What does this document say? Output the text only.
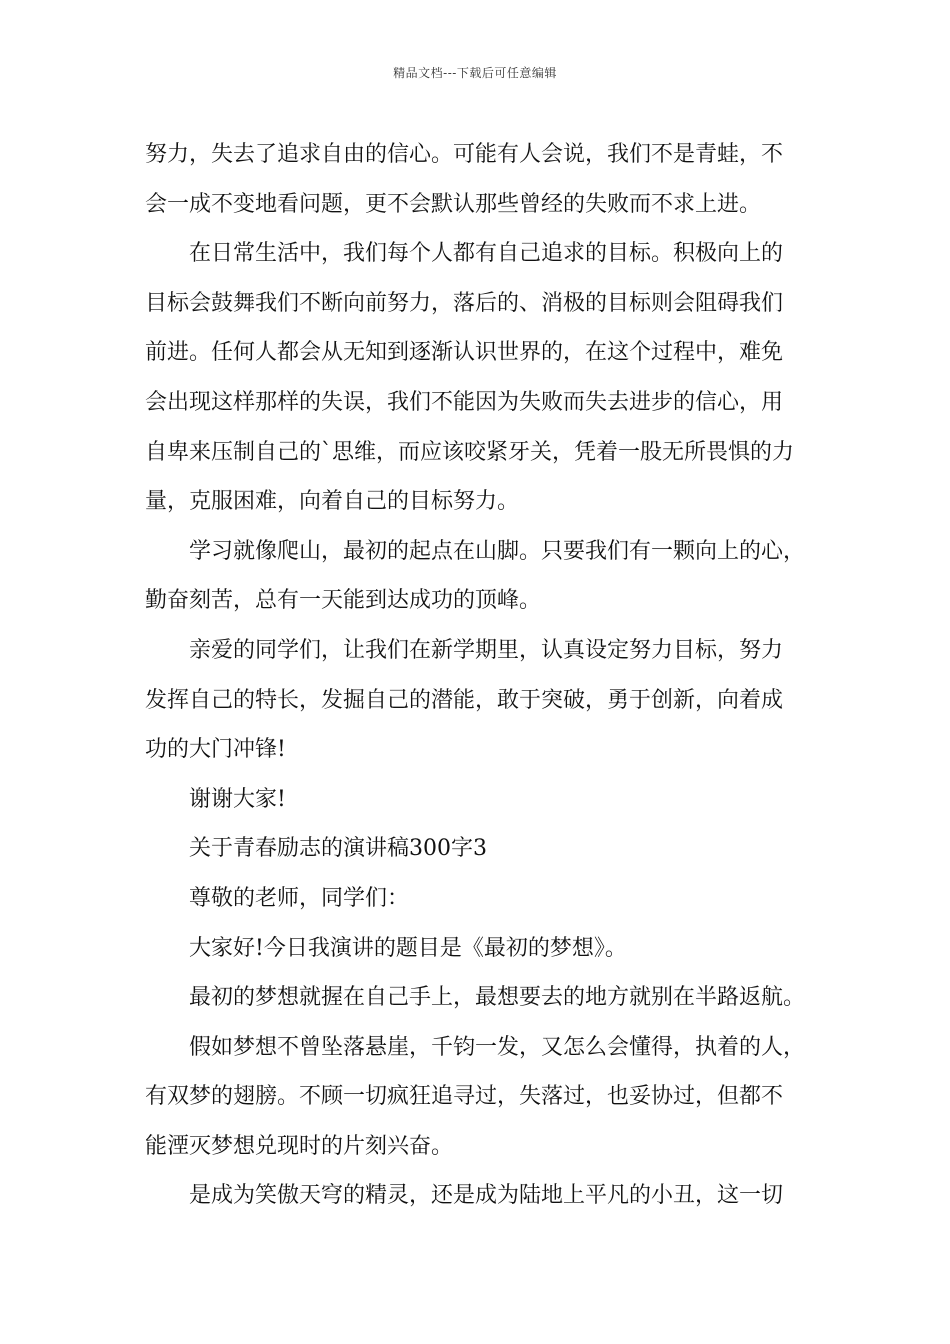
精品文档---下载后可任意编辑
努力，失去了追求自由的信心。可能有人会说，我们不是青蛙，不
会一成不变地看问题，更不会默认那些曾经的失败而不求上进。
在日常生活中，我们每个人都有自己追求的目标。积极向上的
目标会鼓舞我们不断向前努力，落后的、消极的目标则会阻碍我们
前进。任何人都会从无知到逐渐认识世界的，在这个过程中，难免
会出现这样那样的失误，我们不能因为失败而失去进步的信心，用
自卑来压制自己的`思维，而应该咬紧牙关，凭着一股无所畏惧的力
量，克服困难，向着自己的目标努力。
学习就像爬山，最初的起点在山脚。只要我们有一颗向上的心，
勤奋刻苦，总有一天能到达成功的顶峰。
亲爱的同学们，让我们在新学期里，认真设定努力目标，努力
发挥自己的特长，发掘自己的潜能，敢于突破，勇于创新，向着成
功的大门冲锋!
谢谢大家!
关于青春励志的演讲稿300字3
尊敬的老师，同学们：
大家好!今日我演讲的题目是《最初的梦想》。
最初的梦想就握在自己手上，最想要去的地方就别在半路返航。
假如梦想不曾坠落悬崖，千钧一发，又怎么会懂得，执着的人，
有双梦的翅膀。不顾一切疯狂追寻过，失落过，也妥协过，但都不
能湮灭梦想兑现时的片刻兴奋。
是成为笑傲天穹的精灵，还是成为陆地上平凡的小丑，这一切
